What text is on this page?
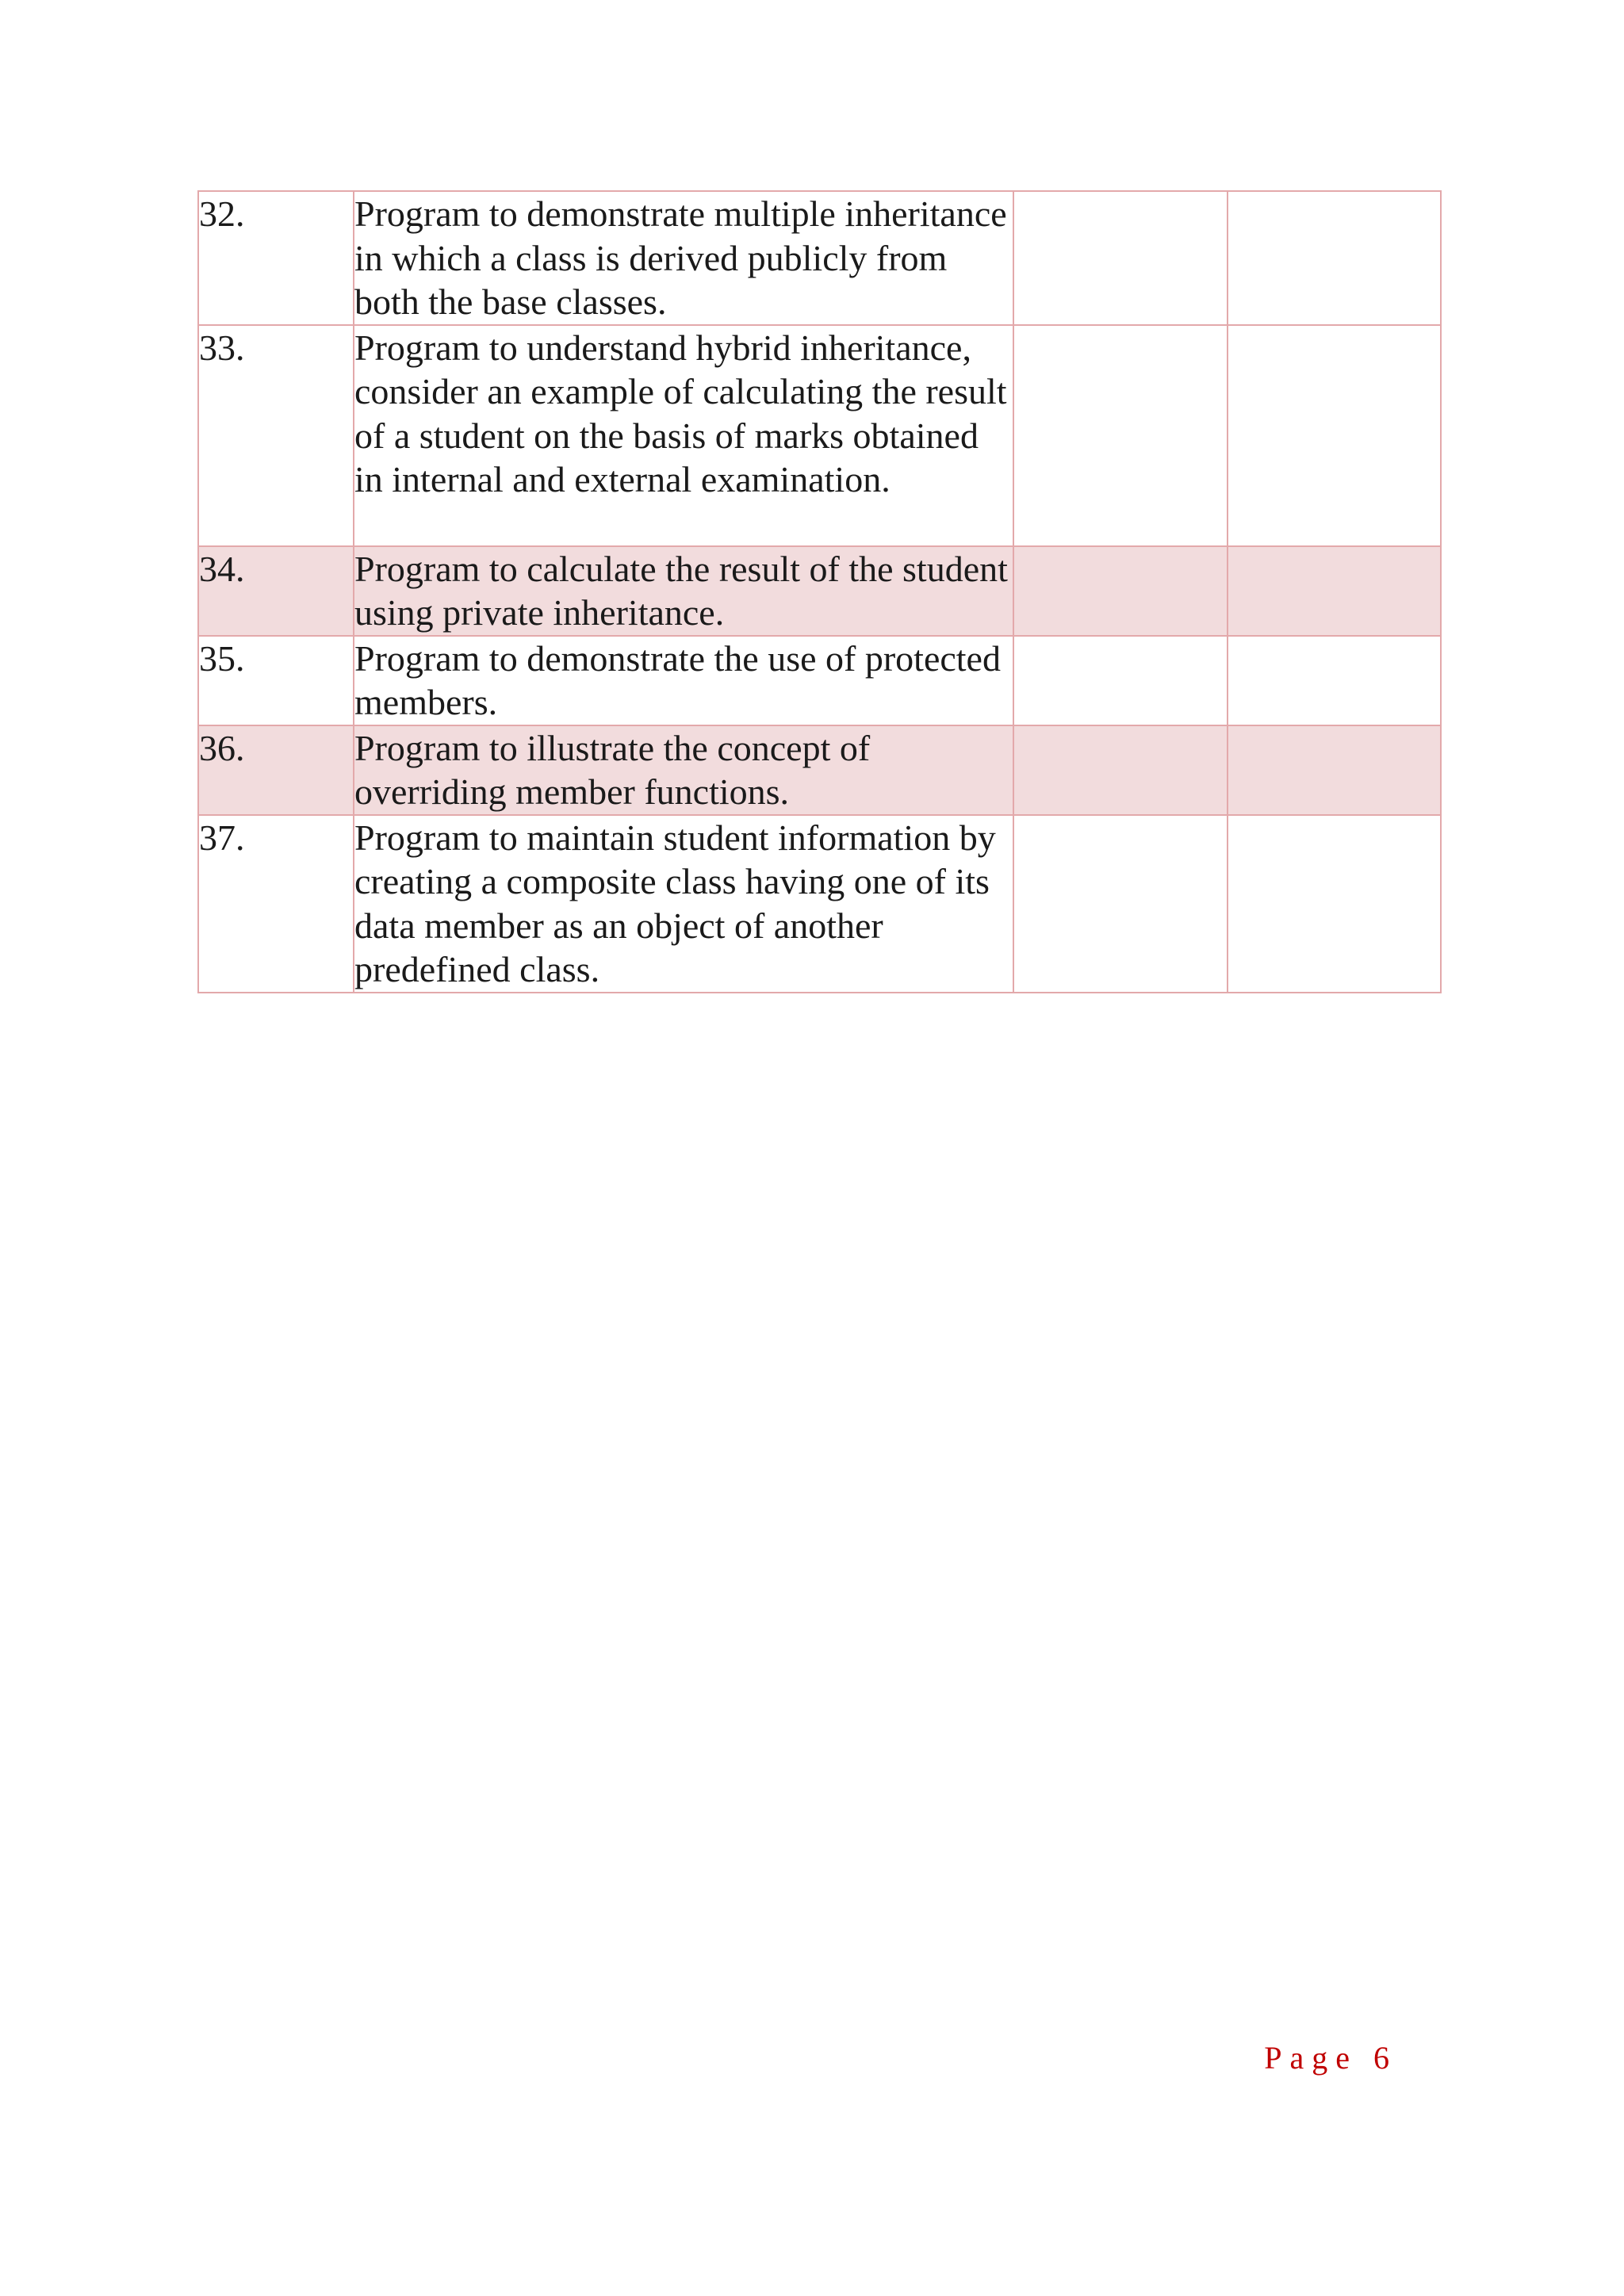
32.	Program to demonstrate multiple inheritance in which a class is derived publicly from both the base classes.		
33.	Program to understand hybrid inheritance, consider an example of calculating the result of a student on the basis of marks obtained in internal and external examination.		
34.	Program to calculate the result of the student using private inheritance.		
35.	Program to demonstrate the use of protected members.		
36.	Program to illustrate the concept of overriding member functions.		
37.	Program to maintain student information by creating a composite class having one of its data member as an object of another predefined class.		
Page 6
